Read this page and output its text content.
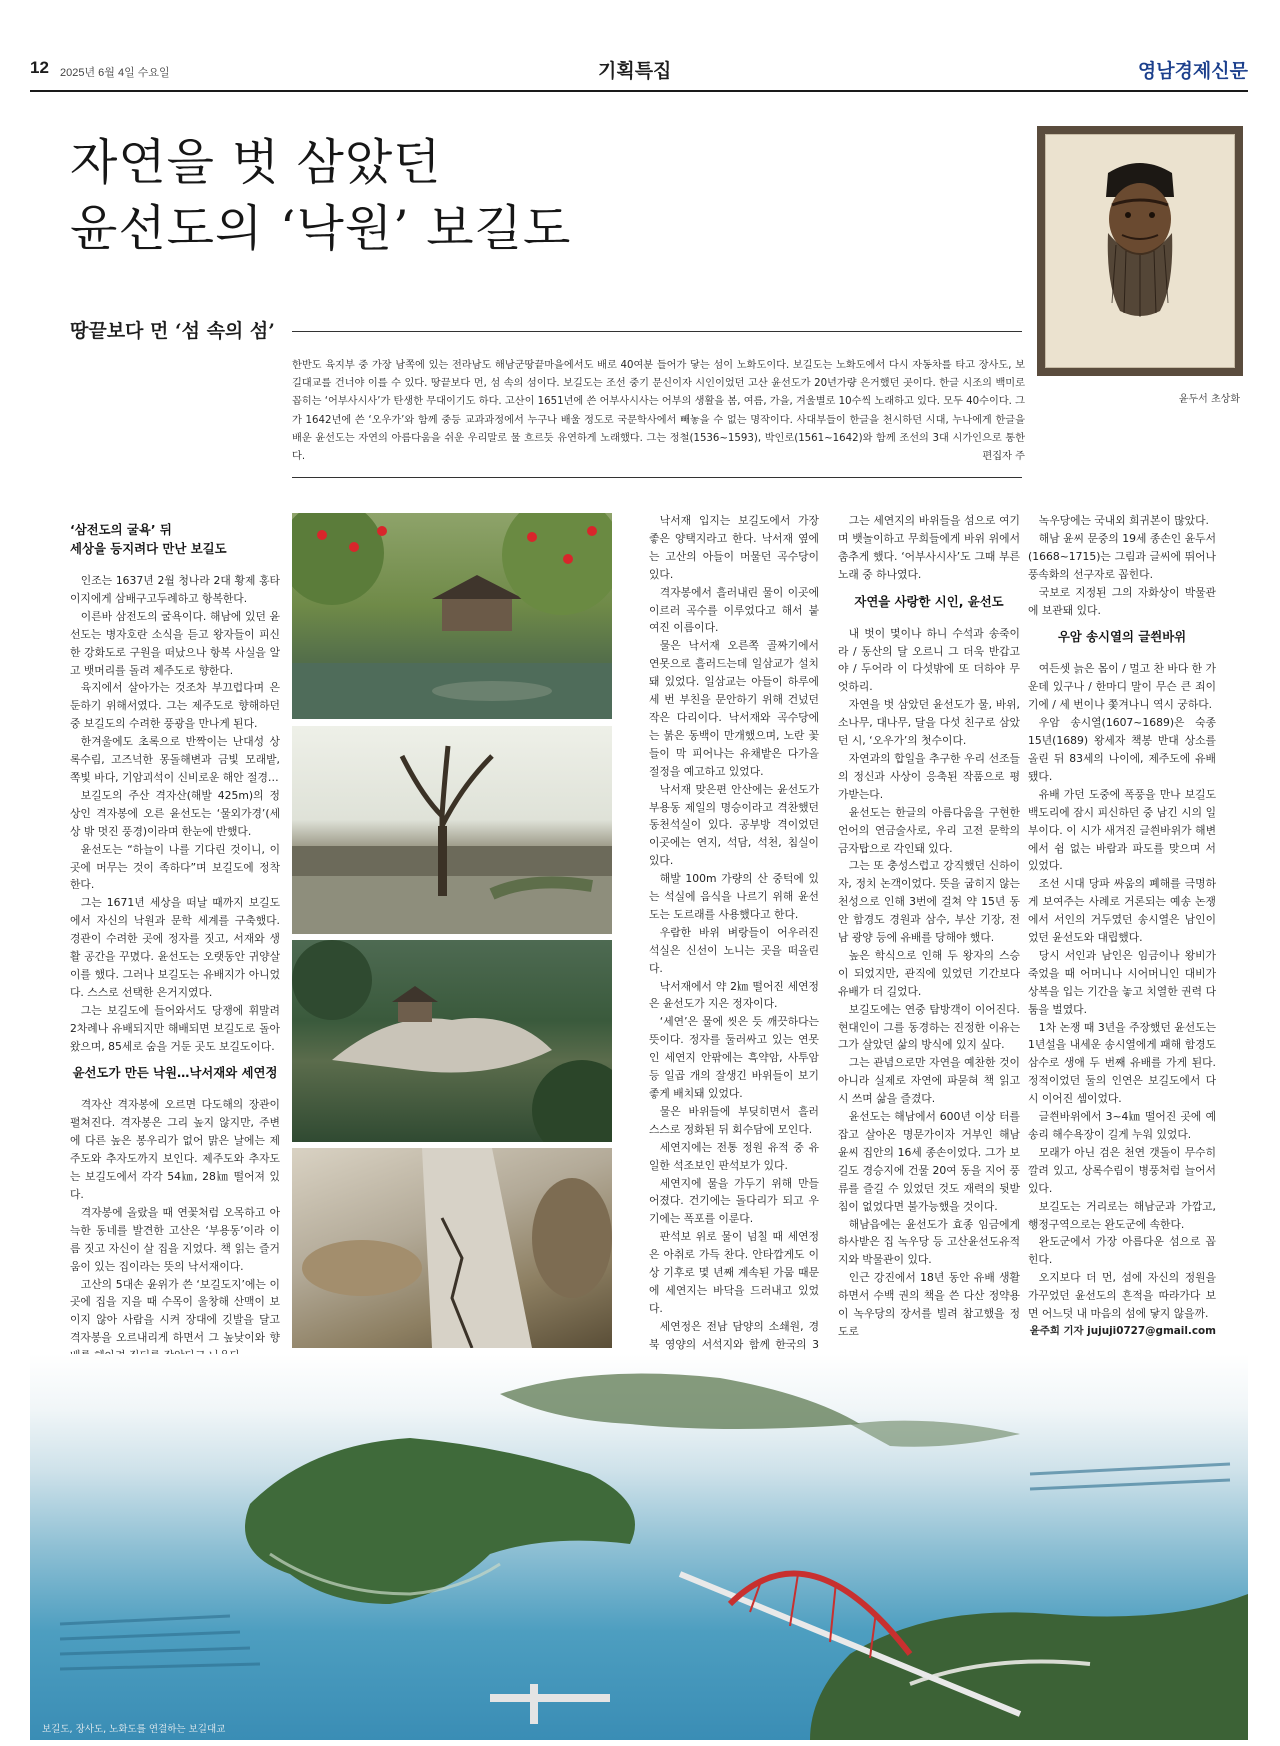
12 2025년 6월 4일 수요일	기획특집	영남경제신문
자연을 벗 삼았던
윤선도의 ‘낙원’ 보길도
땅끝보다 먼 ‘섬 속의 섬’
윤두서 초상화
한반도 육지부 중 가장 남쪽에 있는 전라남도 해남군땅끝마을에서도 배로 40여분 들어가 닿는 섬이 노화도이다. 보길도는 노화도에서 다시 자동차를 타고 장사도, 보길대교를 건너야 이를 수 있다. 땅끝보다 먼, 섬 속의 섬이다. 보길도는 조선 중기 문신이자 시인이었던 고산 윤선도가 20년가량 은거했던 곳이다. 한글 시조의 백미로 꼽히는 ‘어부사시사’가 탄생한 무대이기도 하다. 고산이 1651년에 쓴 어부사시사는 어부의 생활을 봄, 여름, 가을, 겨울별로 10수씩 노래하고 있다. 모두 40수이다. 그가 1642년에 쓴 ‘오우가’와 함께 중등 교과과정에서 누구나 배울 정도로 국문학사에서 빼놓을 수 없는 명작이다. 사대부들이 한글을 천시하던 시대, 누나에게 한글을 배운 윤선도는 자연의 아름다움을 쉬운 우리말로 물 흐르듯 유연하게 노래했다. 그는 정철(1536~1593), 박인로(1561~1642)와 함께 조선의 3대 시가인으로 통한다.	편집자 주
‘삼전도의 굴욕’ 뒤
세상을 등지려다 만난 보길도

인조는 1637년 2월 청나라 2대 황제 홍타이지에게 삼배구고두례하고 항복한다.

이른바 삼전도의 굴욕이다. 해남에 있던 윤선도는 병자호란 소식을 듣고 왕자들이 피신한 강화도로 구원을 떠났으나 항복 사실을 알고 뱃머리를 돌려 제주도로 향한다.

육지에서 살아가는 것조차 부끄럽다며 은둔하기 위해서였다. 그는 제주도로 향해하던 중 보길도의 수려한 풍광을 만나게 된다.

한겨울에도 초록으로 반짝이는 난대성 상록수림, 고즈넉한 몽돌해변과 금빛 모래밭, 쪽빛 바다, 기암괴석이 신비로운 해안 절경…

보길도의 주산 격자산(해발 425m)의 정상인 격자봉에 오른 윤선도는 ‘물외가경’(세상 밖 멋진 풍경)이라며 한눈에 반했다.

윤선도는 “하늘이 나를 기다린 것이니, 이곳에 머무는 것이 족하다”며 보길도에 정착한다.

그는 1671년 세상을 떠날 때까지 보길도에서 자신의 낙원과 문학 세계를 구축했다. 경관이 수려한 곳에 정자를 짓고, 서재와 생활 공간을 꾸몄다. 윤선도는 오랫동안 귀양살이를 했다. 그러나 보길도는 유배지가 아니었다. 스스로 선택한 은거지였다.

그는 보길도에 들어와서도 당쟁에 휘말려 2차례나 유배되지만 해배되면 보길도로 돌아왔으며, 85세로 숨을 거둔 곳도 보길도이다.

윤선도가 만든 낙원…낙서재와 세연정

격자산 격자봉에 오르면 다도해의 장관이 펼쳐진다. 격자봉은 그리 높지 않지만, 주변에 다른 높은 봉우리가 없어 맑은 날에는 제주도와 추자도까지 보인다. 제주도와 추자도는 보길도에서 각각 54㎞, 28㎞ 떨어져 있다.

격자봉에 올랐을 때 연꽃처럼 오목하고 아늑한 동네를 발견한 고산은 ‘부용동’이라 이름 짓고 자신이 살 집을 지었다. 책 읽는 즐거움이 있는 집이라는 뜻의 낙서재이다.

고산의 5대손 윤위가 쓴 ‘보길도지’에는 이곳에 집을 지을 때 수목이 울창해 산맥이 보이지 않아 사람을 시켜 장대에 깃발을 달고 격자봉을 오르내리게 하면서 그 높낮이와 향

낙서재 입지는 보길도에서 가장 좋은 양택지라고 한다. 낙서재 옆에는 고산의 아들이 머물던 곡수당이 있다.

격자봉에서 흘러내린 물이 이곳에 이르러 곡수를 이루었다고 해서 붙여진 이름이다.

물은 낙서재 오른쪽 골짜기에서 연못으로 흘러드는데 일삼교가 설치돼 있었다. 일삼교는 아들이 하루에 세 번 부친을 문안하기 위해 건넜던 작은 다리이다. 낙서재와 곡수당에는 붉은 동백이 만개했으며, 노란 꽃들이 막 피어나는 유채밭은 다가올 절정을 예고하고 있었다.

낙서재 맞은편 안산에는 윤선도가 부용동 제일의 명승이라고 격찬했던 동천석실이 있다. 공부방 격이었던 이곳에는 연지, 석담, 석천, 침실이 있다.

해발 100m 가량의 산 중턱에 있는 석실에 음식을 나르기 위해 윤선도는 도르래를 사용했다고 한다.

우람한 바위 벼랑들이 어우러진 석실은 신선이 노니는 곳을 떠올린다.

낙서재에서 약 2㎞ 떨어진 세연정은 윤선도가 지은 정자이다.

‘세연’은 물에 씻은 듯 깨끗하다는 뜻이다. 정자를 둘러싸고 있는 연못인 세연지 안팎에는 흑약암, 사투암 등 일곱 개의 잘생긴 바위들이 보기 좋게 배치돼 있었다.

물은 바위들에 부딪히면서 흘러 스스로 정화된 뒤 회수담에 모인다.

세연지에는 전통 정원 유적 중 유일한 석조보인 판석보가 있다.

세연지에 물을 가두기 위해 만들어졌다. 건기에는 돌다리가 되고 우기에는 폭포를 이룬다.

판석보 위로 물이 넘칠 때 세연정은 아취로 가득 찬다. 안타깝게도 이상 기후로 몇 년째 계속된 가뭄 때문에 세연지는 바닥을 드러내고 있었다.

세연정은 전남 담양의 소쇄원, 경북 영양의 서석지와 함께 한국의 3

그는 세연지의 바위들을 섬으로 여기며 뱃놀이하고 무희들에게 바위 위에서 춤추게 했다. ‘어부사시사’도 그때 부른 노래 중 하나였다.

자연을 사랑한 시인, 윤선도

내 벗이 몇이나 하니 수석과 송죽이라 / 동산의 달 오르니 그 더욱 반갑고야 / 두어라 이 다섯밖에 또 더하야 무엇하리.

자연을 벗 삼았던 윤선도가 물, 바위, 소나무, 대나무, 달을 다섯 친구로 삼았던 시, ‘오우가’의 첫수이다.

자연과의 합일을 추구한 우리 선조들의 정신과 사상이 응축된 작품으로 평가받는다.

윤선도는 한글의 아름다움을 구현한 언어의 연금술사로, 우리 고전 문학의 금자탑으로 각인돼 있다.

그는 또 충성스럽고 강직했던 신하이자, 정치 논객이었다. 뜻을 굽히지 않는 천성으로 인해 3번에 걸쳐 약 15년 동안 함경도 경원과 삼수, 부산 기장, 전남 광양 등에 유배를 당해야 했다.

높은 학식으로 인해 두 왕자의 스승이 되었지만, 관직에 있었던 기간보다 유배가 더 길었다.

보길도에는 연중 탐방객이 이어진다. 현대인이 그를 동경하는 진정한 이유는 그가 살았던 삶의 방식에 있지 싶다.

그는 관념으로만 자연을 예찬한 것이 아니라 실제로 자연에 파묻혀 책 읽고 시 쓰며 삶을 즐겼다.

윤선도는 해남에서 600년 이상 터를 잡고 살아온 명문가이자 거부인 해남 윤씨 집안의 16세 종손이었다. 그가 보길도 경승지에 건물 20여 동을 지어 풍류를 즐길 수 있었던 것도 재력의 뒷받침이 없었다면 불가능했을 것이다.

해남읍에는 윤선도가 효종 임금에게 하사받은 집 녹우당 등 고산윤선도유적지와 박물관이 있다.

인근 강진에서 18년 동안 유배 생활하면서 수백 권의 책을 쓴 다산 정약용이 녹우당의 장서를 빌려 참고했을 정도로

녹우당에는 국내외 희귀본이 많았다.

해남 윤씨 문중의 19세 종손인 윤두서(1668~1715)는 그림과 글씨에 뛰어나 풍속화의 선구자로 꼽힌다.

국보로 지정된 그의 자화상이 박물관에 보관돼 있다.

우암 송시열의 글씐바위

여든셋 늙은 몸이 / 멀고 찬 바다 한 가운데 있구나 / 한마디 말이 무슨 큰 죄이기에 / 세 번이나 쫓겨나니 역시 궁하다.

우암 송시열(1607~1689)은 숙종 15년(1689) 왕세자 책봉 반대 상소를 올린 뒤 83세의 나이에, 제주도에 유배됐다.

유배 가던 도중에 폭풍을 만나 보길도 백도리에 잠시 피신하던 중 남긴 시의 일부이다. 이 시가 새겨진 글씐바위가 해변에서 쉼 없는 바람과 파도를 맞으며 서 있었다.

조선 시대 당파 싸움의 폐해를 극명하게 보여주는 사례로 거론되는 예송 논쟁에서 서인의 거두였던 송시열은 남인이었던 윤선도와 대립했다.

당시 서인과 남인은 임금이나 왕비가 죽었을 때 어머니나 시어머니인 대비가 상복을 입는 기간을 놓고 치열한 권력 다툼을 벌였다.

1차 논쟁 때 3년을 주장했던 윤선도는 1년설을 내세운 송시열에게 패해 함경도 삼수로 생애 두 번째 유배를 가게 된다. 정적이었던 둘의 인연은 보길도에서 다시 이어진 셈이었다.

글씐바위에서 3~4㎞ 떨어진 곳에 예송리 해수욕장이 길게 누워 있었다.

모래가 아닌 검은 천연 갯돌이 무수히 깔려 있고, 상록수림이 병풍처럼 늘어서 있다.

보길도는 거리로는 해남군과 가깝고, 행정구역으로는 완도군에 속한다.

완도군에서 가장 아름다운 섬으로 꼽힌다.

오지보다 더 먼, 섬에 자신의 정원을 가꾸었던 윤선도의 흔적을 따라가다 보면 어느덧 내 마음의 섬에 닿지 않을까.

윤주희 기자 jujuji0727@gmail.com
보길도, 장사도, 노화도를 연결하는 보길대교
